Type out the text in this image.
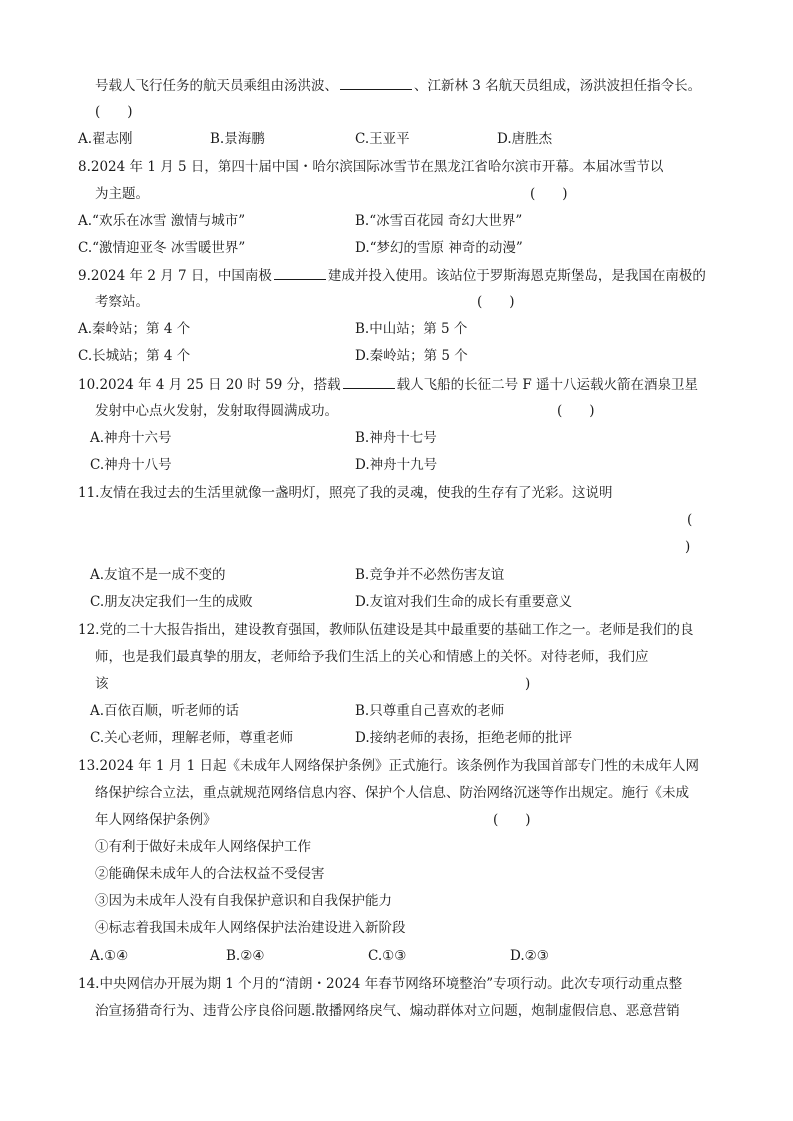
号载人飞行任务的航天员乘组由汤洪波、	、江新林 3 名航天员组成，汤洪波担任指令长。
(　　)
A.翟志刚	B.景海鹏	C.王亚平	D.唐胜杰
8.2024 年 1 月 5 日，第四十届中国・哈尔滨国际冰雪节在黑龙江省哈尔滨市开幕。本届冰雪节以
为主题。	(　　)
A.“欢乐在冰雪 激情与城市”	B.“冰雪百花园 奇幻大世界”
C.“激情迎亚冬 冰雪暖世界”	D.“梦幻的雪原 神奇的动漫”
9.2024 年 2 月 7 日，中国南极	建成并投入使用。该站位于罗斯海恩克斯堡岛，是我国在南极的
考察站。	(　　)
A.秦岭站；第 4 个	B.中山站；第 5 个
C.长城站；第 4 个	D.秦岭站；第 5 个
10.2024 年 4 月 25 日 20 时 59 分，搭载	载人飞船的长征二号 F 遥十八运载火箭在酒泉卫星
发射中心点火发射，发射取得圆满成功。	(　　)
A.神舟十六号	B.神舟十七号
C.神舟十八号	D.神舟十九号
11.友情在我过去的生活里就像一盏明灯，照亮了我的灵魂，使我的生存有了光彩。这说明
(
)
A.友谊不是一成不变的	B.竞争并不必然伤害友谊
C.朋友决定我们一生的成败	D.友谊对我们生命的成长有重要意义
12.党的二十大报告指出，建设教育强国，教师队伍建设是其中最重要的基础工作之一。老师是我们的良
师，也是我们最真挚的朋友，老师给予我们生活上的关心和情感上的关怀。对待老师，我们应
该	)
A.百依百顺，听老师的话	B.只尊重自己喜欢的老师
C.关心老师，理解老师，尊重老师	D.接纳老师的表扬，拒绝老师的批评
13.2024 年 1 月 1 日起《未成年人网络保护条例》正式施行。该条例作为我国首部专门性的未成年人网
络保护综合立法，重点就规范网络信息内容、保护个人信息、防治网络沉迷等作出规定。施行《未成
年人网络保护条例》	(　　)
①有利于做好未成年人网络保护工作
②能确保未成年人的合法权益不受侵害
③因为未成年人没有自我保护意识和自我保护能力
④标志着我国未成年人网络保护法治建设进入新阶段
A.①④	B.②④	C.①③	D.②③
14.中央网信办开展为期 1 个月的“清朗・2024 年春节网络环境整治”专项行动。此次专项行动重点整
治宣扬猎奇行为、违背公序良俗问题.散播网络戾气、煽动群体对立问题，炮制虚假信息、恶意营销
